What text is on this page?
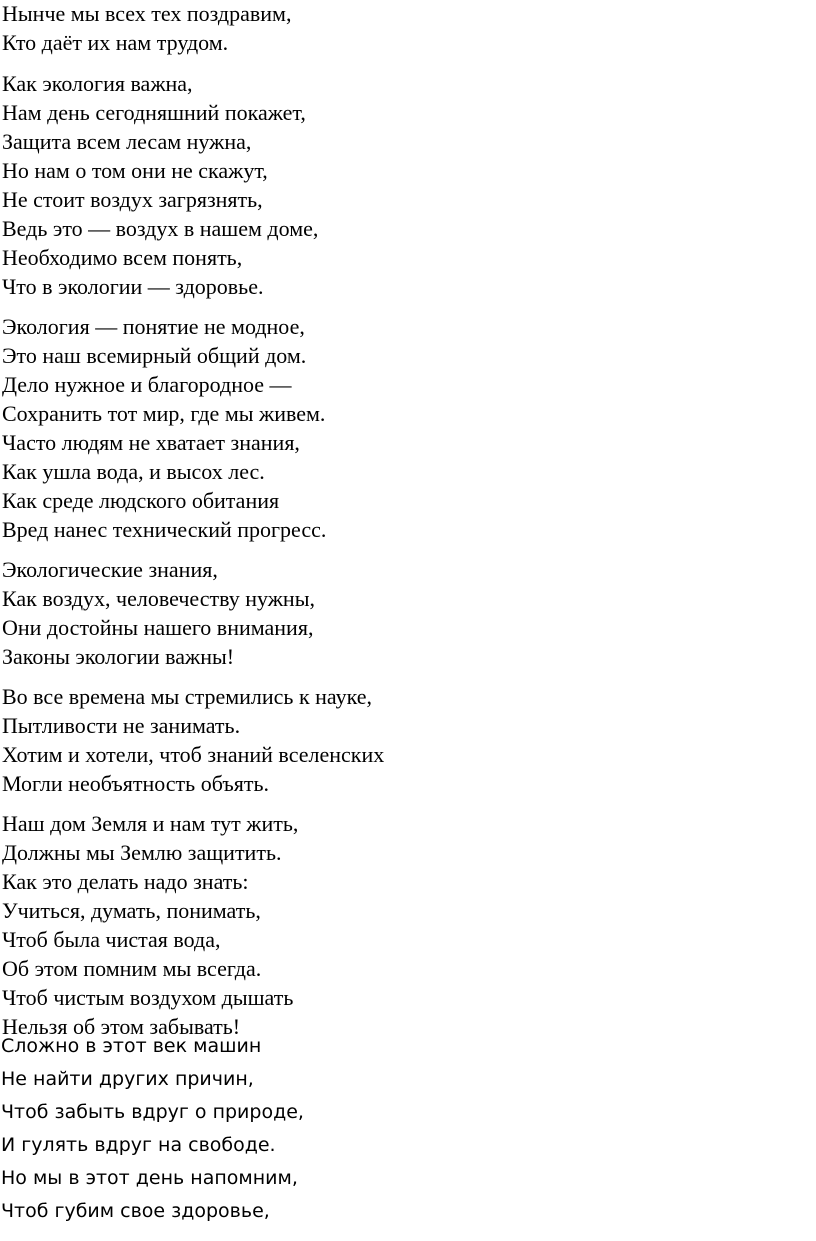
Нынче мы всех тех поздравим,
Кто даёт их нам трудом.
Как экология важна,
Нам день сегодняшний покажет,
Защита всем лесам нужна,
Но нам о том они не скажут,
Не стоит воздух загрязнять,
Ведь это — воздух в нашем доме,
Необходимо всем понять,
Что в экологии — здоровье.
Экология — понятие не модное,
Это наш всемирный общий дом.
Дело нужное и благородное —
Сохранить тот мир, где мы живем.
Часто людям не хватает знания,
Как ушла вода, и высох лес.
Как среде людского обитания
Вред нанес технический прогресс.
Экологические знания,
Как воздух, человечеству нужны,
Они достойны нашего внимания,
Законы экологии важны!
Во все времена мы стремились к науке,
Пытливости не занимать.
Хотим и хотели, чтоб знаний вселенских
Могли необъятность объять.
Наш дом Земля и нам тут жить,
Должны мы Землю защитить.
Как это делать надо знать:
Учиться, думать, понимать,
Чтоб была чистая вода,
Об этом помним мы всегда.
Чтоб чистым воздухом дышать
Нельзя об этом забывать!
Сложно в этот век машин
Не найти других причин,
Чтоб забыть вдруг о природе,
И гулять вдруг на свободе.
Но мы в этот день напомним,
Чтоб губим свое здоровье,
